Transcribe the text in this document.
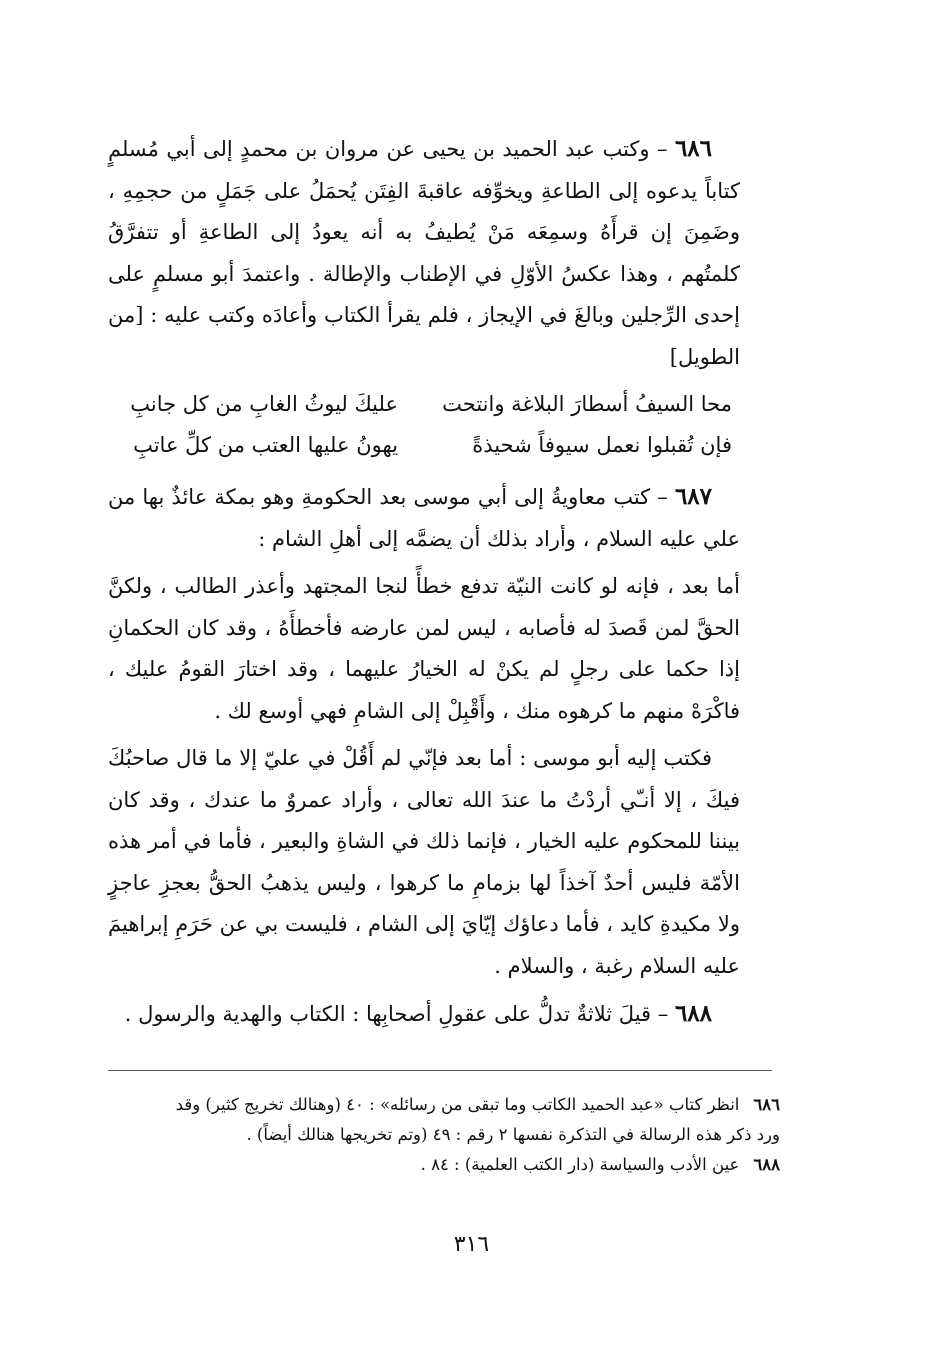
٦٨٦ – وكتب عبد الحميد بن يحيى عن مروان بن محمدٍ إلى أبي مُسلمٍ كتاباً يدعوه إلى الطاعةِ ويخوِّفه عاقبةَ الفِتَن يُحمَلُ على جَمَلٍ من حجمِهِ ، وضَمِنَ إن قرأَهُ وسمِعَه مَنْ يُطيفُ به أنه يعودُ إلى الطاعةِ أو تتفرَّقُ كلمتُهم ، وهذا عكسُ الأوّلِ في الإطناب والإطالة . واعتمدَ أبو مسلمٍ على إحدى الرِّجلين وبالغَ في الإيجاز ، فلم يقرأ الكتاب وأعادَه وكتب عليه : [من الطويل]

محا السيفُ أسطارَ البلاغة وانتحت
عليكَ ليوثُ الغابِ من كل جانبِ
فإن تُقبلوا نعمل سيوفاً شحيذةً
يهونُ عليها العتب من كلِّ عاتبِ

٦٨٧ – كتب معاويةُ إلى أبي موسى بعد الحكومةِ وهو بمكة عائذٌ بها من علي عليه السلام ، وأراد بذلك أن يضمَّه إلى أهلِ الشام :

أما بعد ، فإنه لو كانت النيّة تدفع خطأً لنجا المجتهد وأعذر الطالب ، ولكنَّ الحقَّ لمن قَصدَ له فأصابه ، ليس لمن عارضه فأخطأَهُ ، وقد كان الحكمانِ إذا حكما على رجلٍ لم يكنْ له الخيارُ عليهما ، وقد اختارَ القومُ عليك ، فاكْرَهْ منهم ما كرهوه منك ، وأَقْبِلْ إلى الشامِ فهي أوسع لك .

فكتب إليه أبو موسى : أما بعد فإنّي لم أَقُلْ في عليّ إلا ما قال صاحبُكَ فيكَ ، إلا أنـّي أردْتُ ما عندَ الله تعالى ، وأراد عمروٌ ما عندك ، وقد كان بيننا للمحكوم عليه الخيار ، فإنما ذلك في الشاةِ والبعير ، فأما في أمر هذه الأمّة فليس أحدٌ آخذاً لها بزمامِ ما كرهوا ، وليس يذهبُ الحقُّ بعجزِ عاجزٍ ولا مكيدةِ كايد ، فأما دعاؤك إيّايَ إلى الشام ، فليست بي عن حَرَمِ إبراهيمَ عليه السلام رغبة ، والسلام .

٦٨٨ – قيلَ ثلاثةٌ تدلُّ على عقولِ أصحابِها : الكتاب والهدية والرسول .

٦٨٦انظر كتاب «عبد الحميد الكاتب وما تبقى من رسائله» : ٤٠ (وهنالك تخريج كثير) وقد ورد ذكر هذه الرسالة في التذكرة نفسها ٢ رقم : ٤٩ (وتم تخريجها هنالك أيضاً) .

٦٨٨عين الأدب والسياسة (دار الكتب العلمية) : ٨٤ .

٣١٦
